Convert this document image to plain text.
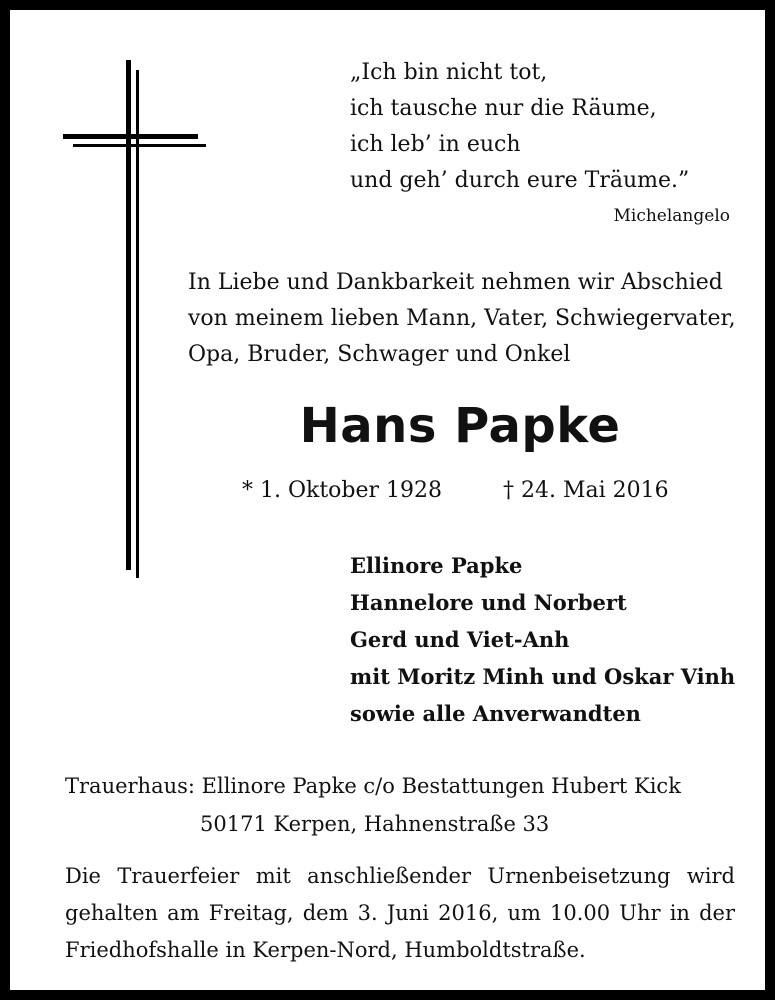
„Ich bin nicht tot,

ich tausche nur die Räume,

ich leb’ in euch

und geh’ durch eure Träume.”

Michelangelo

In Liebe und Dankbarkeit nehmen wir Abschied

von meinem lieben Mann, Vater, Schwiegervater,

Opa, Bruder, Schwager und Onkel

Hans Papke
* 1. Oktober 1928	† 24. Mai 2016

Ellinore Papke

Hannelore und Norbert

Gerd und Viet-Anh

mit Moritz Minh und Oskar Vinh

sowie alle Anverwandten

Trauerhaus: Ellinore Papke c/o Bestattungen Hubert Kick
50171 Kerpen, Hahnenstraße 33

Die Trauerfeier mit anschließender Urnenbeisetzung wird

gehalten am Freitag, dem 3. Juni 2016, um 10.00 Uhr in der

Friedhofshalle in Kerpen-Nord, Humboldtstraße.
